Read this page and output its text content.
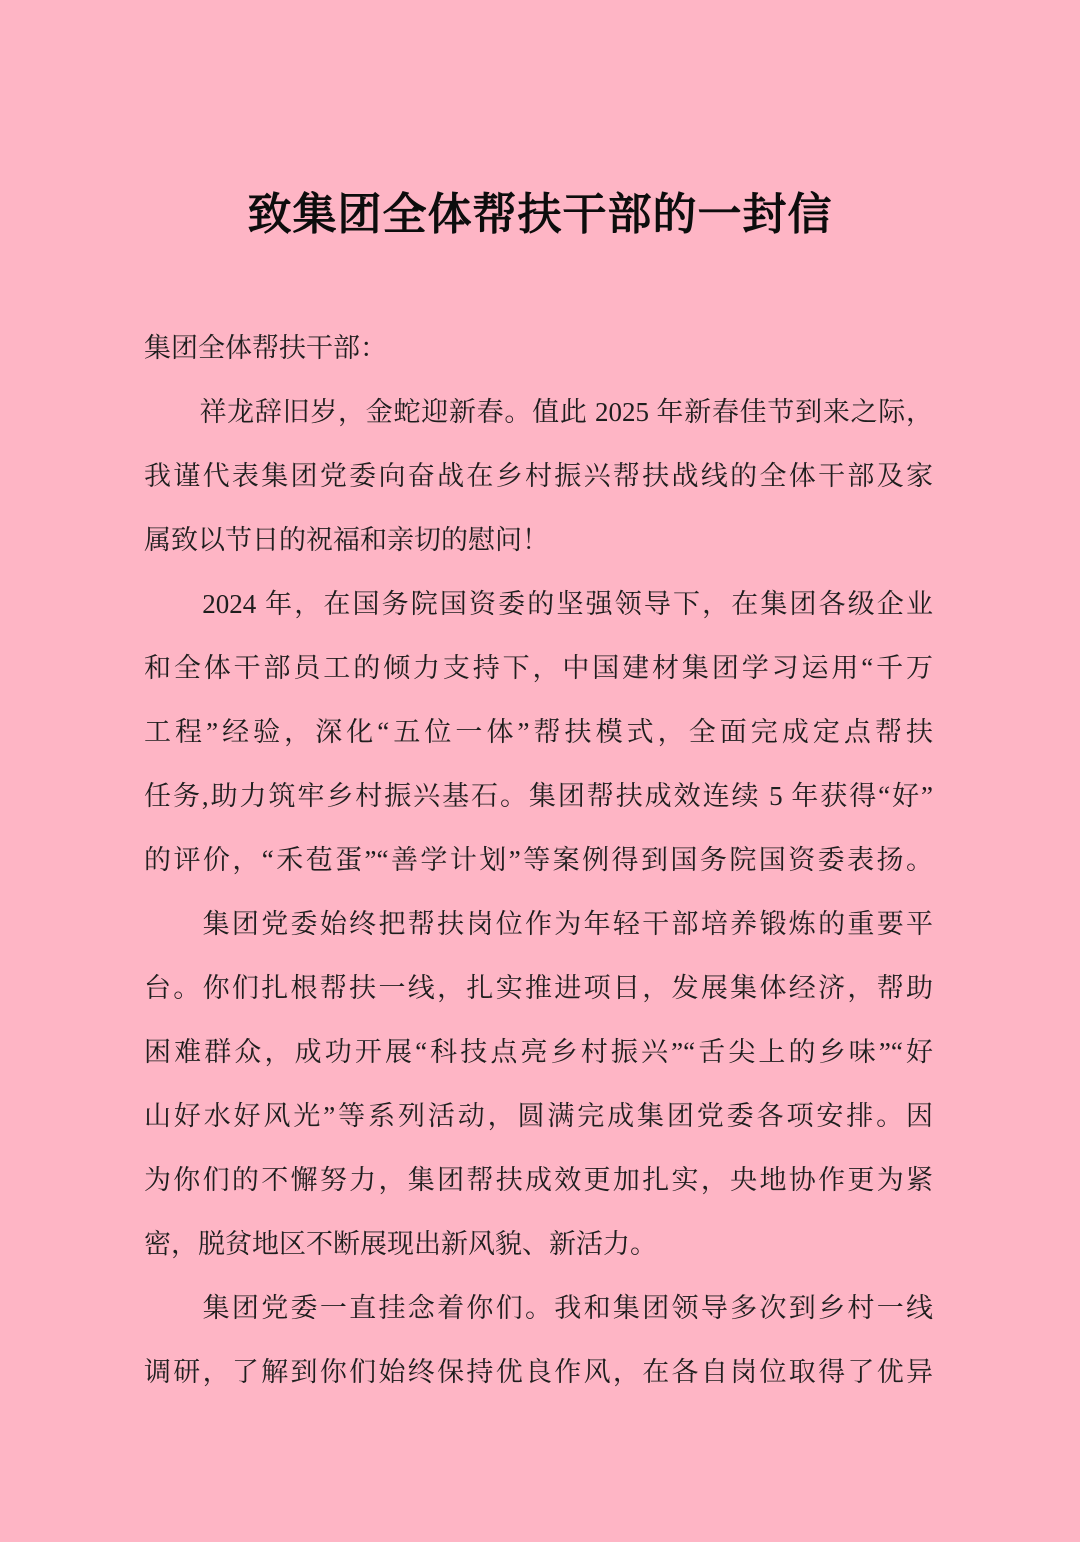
致集团全体帮扶干部的一封信
集团全体帮扶干部：
　　祥龙辞旧岁，金蛇迎新春。值此 2025 年新春佳节到来之际，
我谨代表集团党委向奋战在乡村振兴帮扶战线的全体干部及家
属致以节日的祝福和亲切的慰问！
　　2024 年，在国务院国资委的坚强领导下，在集团各级企业
和全体干部员工的倾力支持下，中国建材集团学习运用“千万
工程”经验，深化“五位一体”帮扶模式，全面完成定点帮扶
任务,助力筑牢乡村振兴基石。集团帮扶成效连续 5 年获得“好”
的评价，“禾苞蛋”“善学计划”等案例得到国务院国资委表扬。
　　集团党委始终把帮扶岗位作为年轻干部培养锻炼的重要平
台。你们扎根帮扶一线，扎实推进项目，发展集体经济，帮助
困难群众，成功开展“科技点亮乡村振兴”“舌尖上的乡味”“好
山好水好风光”等系列活动，圆满完成集团党委各项安排。因
为你们的不懈努力，集团帮扶成效更加扎实，央地协作更为紧
密，脱贫地区不断展现出新风貌、新活力。
　　集团党委一直挂念着你们。我和集团领导多次到乡村一线
调研，了解到你们始终保持优良作风，在各自岗位取得了优异
